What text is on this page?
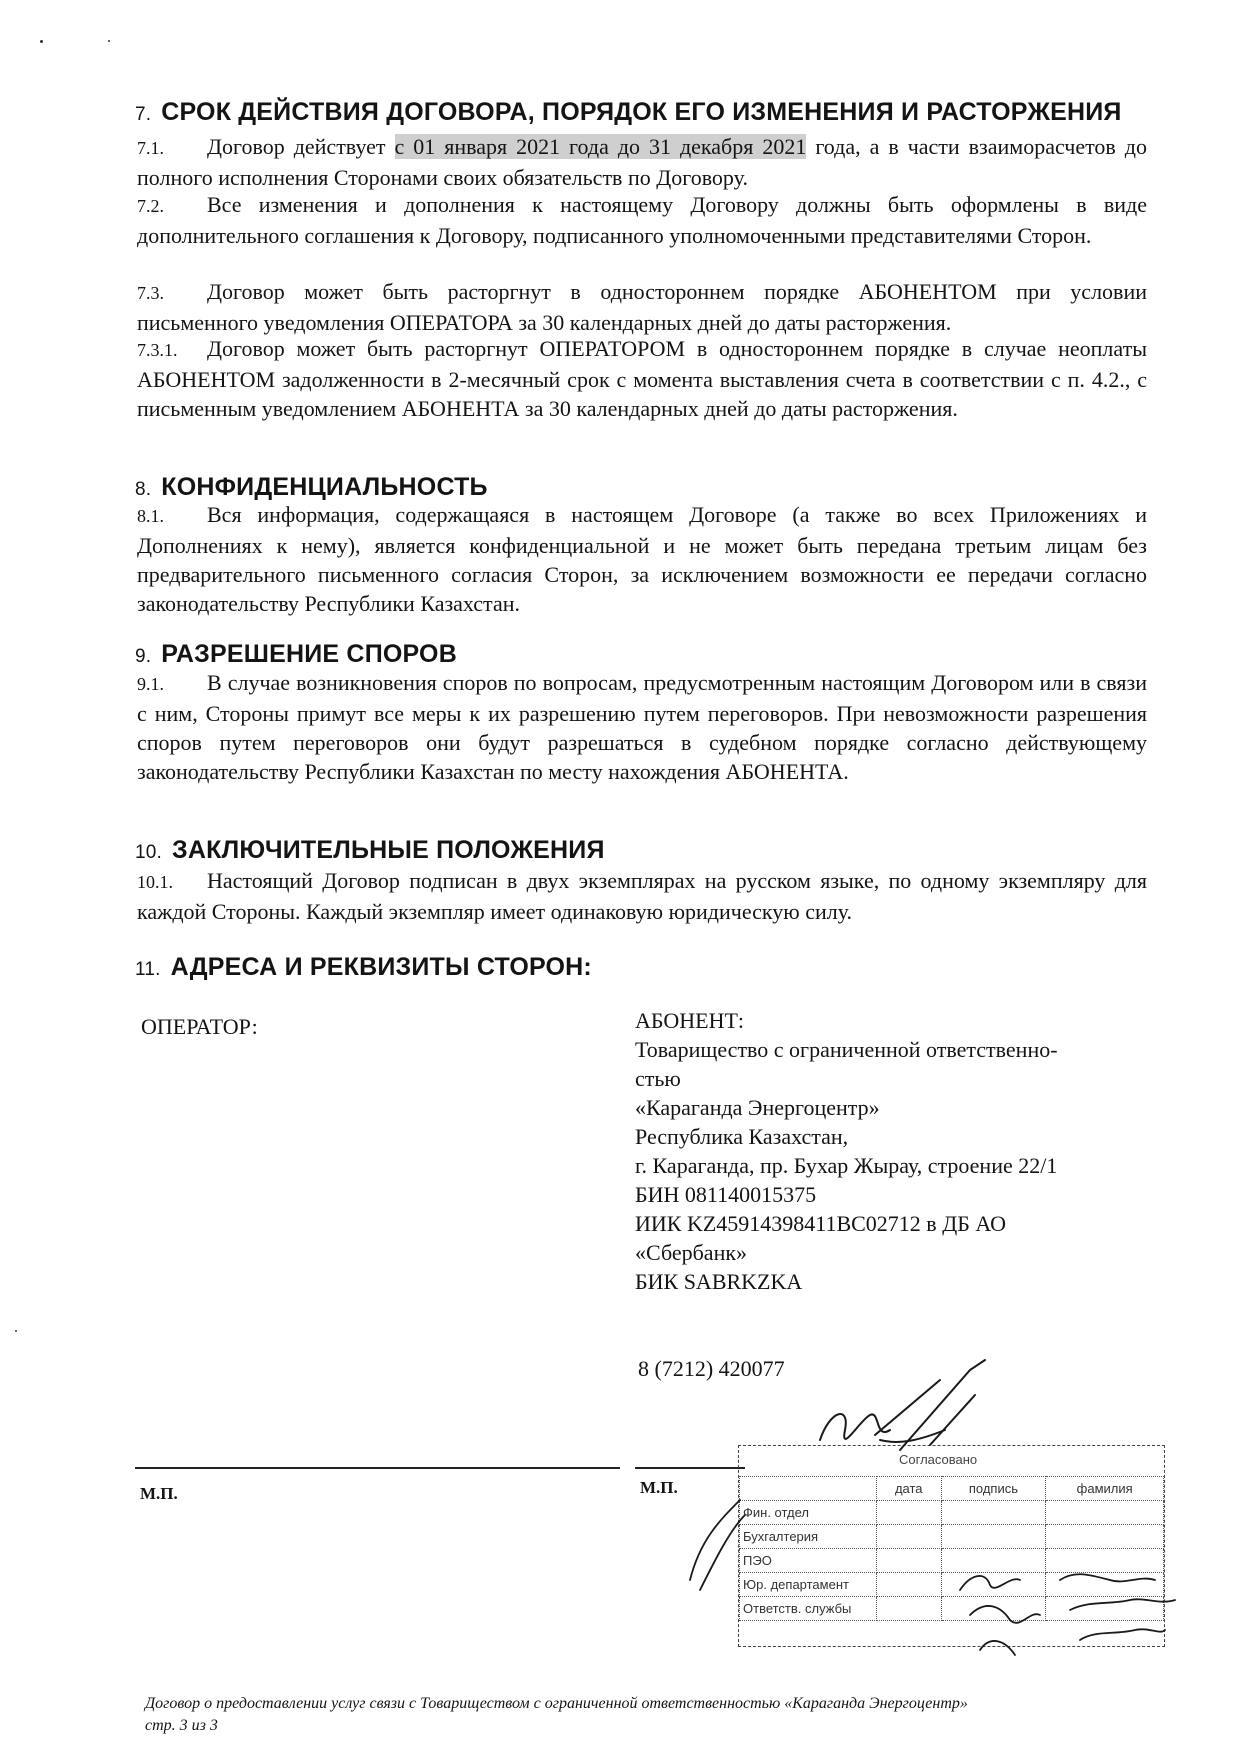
7. СРОК ДЕЙСТВИЯ ДОГОВОРА, ПОРЯДОК ЕГО ИЗМЕНЕНИЯ И РАСТОРЖЕНИЯ
7.1. Договор действует с 01 января 2021 года до 31 декабря 2021 года, а в части взаиморасчетов до полного исполнения Сторонами своих обязательств по Договору.
7.2. Все изменения и дополнения к настоящему Договору должны быть оформлены в виде дополнительного соглашения к Договору, подписанного уполномоченными представителями Сторон.
7.3. Договор может быть расторгнут в одностороннем порядке АБОНЕНТОМ при условии письменного уведомления ОПЕРАТОРА за 30 календарных дней до даты расторжения.
7.3.1. Договор может быть расторгнут ОПЕРАТОРОМ в одностороннем порядке в случае неоплаты АБОНЕНТОМ задолженности в 2-месячный срок с момента выставления счета в соответствии с п. 4.2., с письменным уведомлением АБОНЕНТА за 30 календарных дней до даты расторжения.
8. КОНФИДЕНЦИАЛЬНОСТЬ
8.1. Вся информация, содержащаяся в настоящем Договоре (а также во всех Приложениях и Дополнениях к нему), является конфиденциальной и не может быть передана третьим лицам без предварительного письменного согласия Сторон, за исключением возможности ее передачи согласно законодательству Республики Казахстан.
9. РАЗРЕШЕНИЕ СПОРОВ
9.1. В случае возникновения споров по вопросам, предусмотренным настоящим Договором или в связи с ним, Стороны примут все меры к их разрешению путем переговоров. При невозможности разрешения споров путем переговоров они будут разрешаться в судебном порядке согласно действующему законодательству Республики Казахстан по месту нахождения АБОНЕНТА.
10. ЗАКЛЮЧИТЕЛЬНЫЕ ПОЛОЖЕНИЯ
10.1. Настоящий Договор подписан в двух экземплярах на русском языке, по одному экземпляру для каждой Стороны. Каждый экземпляр имеет одинаковую юридическую силу.
11. АДРЕСА И РЕКВИЗИТЫ СТОРОН:
ОПЕРАТОР:	АБОНЕНТ:
Товарищество с ограниченной ответственно-
стью
«Караганда Энергоцентр»
Республика Казахстан,
г. Караганда, пр. Бухар Жырау, строение 22/1
БИН 081140015375
ИИК KZ45914398411BC02712 в ДБ АО
«Сбербанк»
БИК SABRKZKA
8 (7212) 420077
М.П.	М.П.
Согласовано
	дата	подпись	фамилия
Фин. отдел			
Бухгалтерия			
ПЭО			
Юр. департамент			
Ответств. службы			
Договор о предоставлении услуг связи с Товариществом с ограниченной ответственностью «Караганда Энергоцентр»
стр. 3 из 3
